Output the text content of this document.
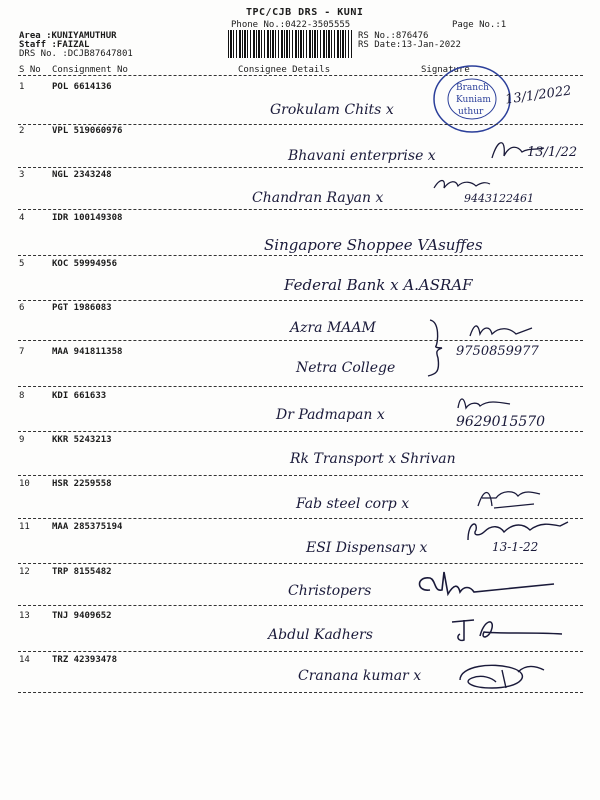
TPC/CJB DRS - KUNI
Phone No.:0422-3505555	Page No.:1
Area :KUNIYAMUTHUR
Staff :FAIZAL
DRS No. :DCJB87647801
RS No.:876476
RS Date:13-Jan-2022
S No Consignment No	Consignee Details	Signature
Branch
Kuniam
uthur
1	POL 6614136
Grokulam Chits x
13/1/2022
2	VPL 519060976
Bhavani enterprise x	13/1/22
3	NGL 2343248
Chandran Rayan x	9443122461
4	IDR 100149308
Singapore Shoppee VAsuffes
5	KOC 59994956
Federal Bank x A.ASRAF
6	PGT 1986083
Azra MAAM
7	MAA 941811358
Netra College
9750859977
8	KDI 661633
Dr Padmapan x	9629015570
9	KKR 5243213
Rk Transport x Shrivan
10 HSR 2259558
Fab steel corp x
11 MAA 285375194
ESI Dispensary x	13-1-22
12 TRP 8155482
Christopers
13 TNJ 9409652
Abdul Kadhers
14 TRZ 42393478
Cranana kumar x
